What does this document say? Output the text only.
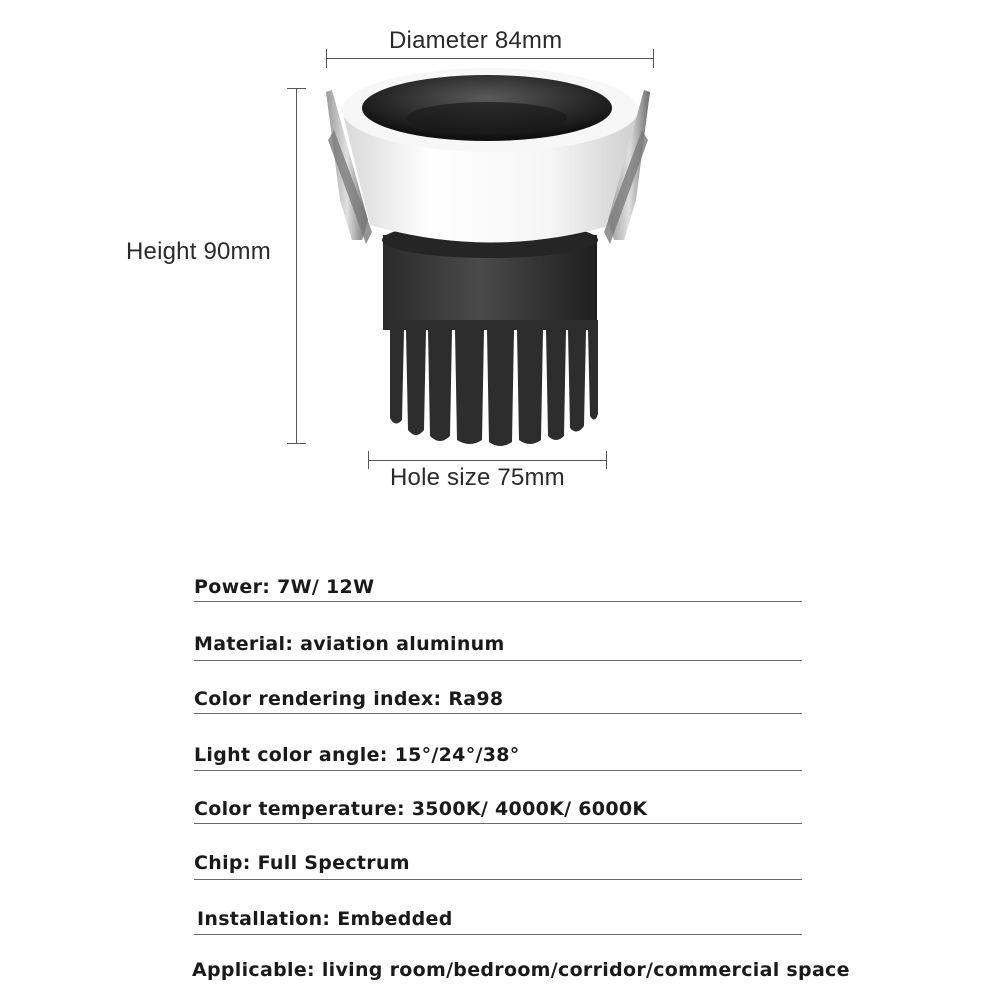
Diameter 84mm
Height 90mm
Hole size 75mm
Power: 7W/ 12W
Material: aviation aluminum
Color rendering index: Ra98
Light color angle: 15°/24°/38°
Color temperature: 3500K/ 4000K/ 6000K
Chip: Full Spectrum
Installation: Embedded
Applicable: living room/bedroom/corridor/commercial space
